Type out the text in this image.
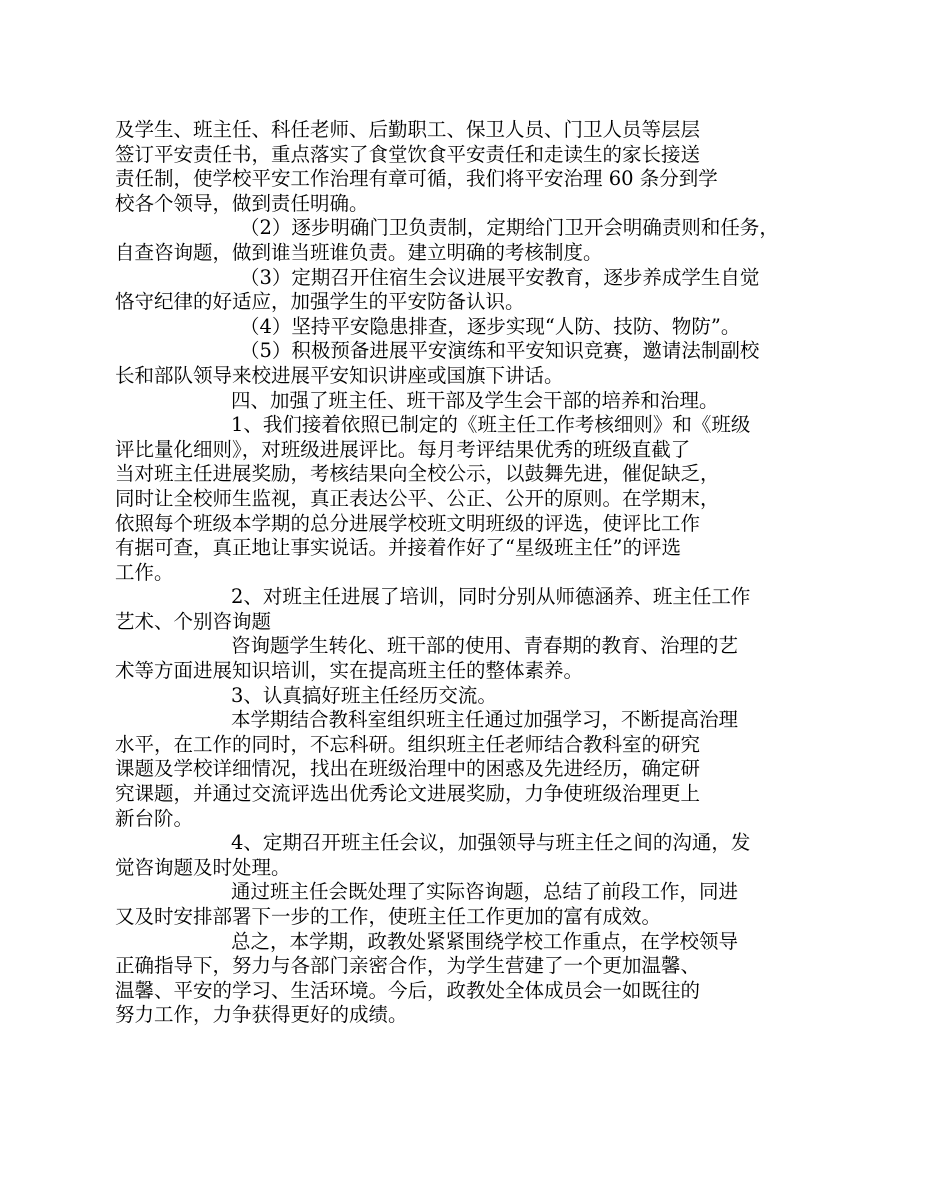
及学生、班主任、科任老师、后勤职工、保卫人员、门卫人员等层层
签订平安责任书，重点落实了食堂饮食平安责任和走读生的家长接送
责任制，使学校平安工作治理有章可循，我们将平安治理 60 条分到学
校各个领导，做到责任明确。
（2）逐步明确门卫负责制，定期给门卫开会明确责则和任务，
自查咨询题，做到谁当班谁负责。建立明确的考核制度。
（3）定期召开住宿生会议进展平安教育，逐步养成学生自觉
恪守纪律的好适应，加强学生的平安防备认识。
（4）坚持平安隐患排查，逐步实现“人防、技防、物防”。
（5）积极预备进展平安演练和平安知识竞赛，邀请法制副校
长和部队领导来校进展平安知识讲座或国旗下讲话。
四、加强了班主任、班干部及学生会干部的培养和治理。
1、我们接着依照已制定的《班主任工作考核细则》和《班级
评比量化细则》，对班级进展评比。每月考评结果优秀的班级直截了
当对班主任进展奖励，考核结果向全校公示，以鼓舞先进，催促缺乏，
同时让全校师生监视，真正表达公平、公正、公开的原则。在学期末，
依照每个班级本学期的总分进展学校班文明班级的评选，使评比工作
有据可查，真正地让事实说话。并接着作好了“星级班主任”的评选
工作。
2、对班主任进展了培训，同时分别从师德涵养、班主任工作
艺术、个别咨询题
咨询题学生转化、班干部的使用、青春期的教育、治理的艺
术等方面进展知识培训，实在提高班主任的整体素养。
3、认真搞好班主任经历交流。
本学期结合教科室组织班主任通过加强学习，不断提高治理
水平，在工作的同时，不忘科研。组织班主任老师结合教科室的研究
课题及学校详细情况，找出在班级治理中的困惑及先进经历，确定研
究课题，并通过交流评选出优秀论文进展奖励，力争使班级治理更上
新台阶。
4、定期召开班主任会议，加强领导与班主任之间的沟通，发
觉咨询题及时处理。
通过班主任会既处理了实际咨询题，总结了前段工作，同进
又及时安排部署下一步的工作，使班主任工作更加的富有成效。
总之，本学期，政教处紧紧围绕学校工作重点，在学校领导
正确指导下，努力与各部门亲密合作，为学生营建了一个更加温馨、
温馨、平安的学习、生活环境。今后，政教处全体成员会一如既往的
努力工作，力争获得更好的成绩。
